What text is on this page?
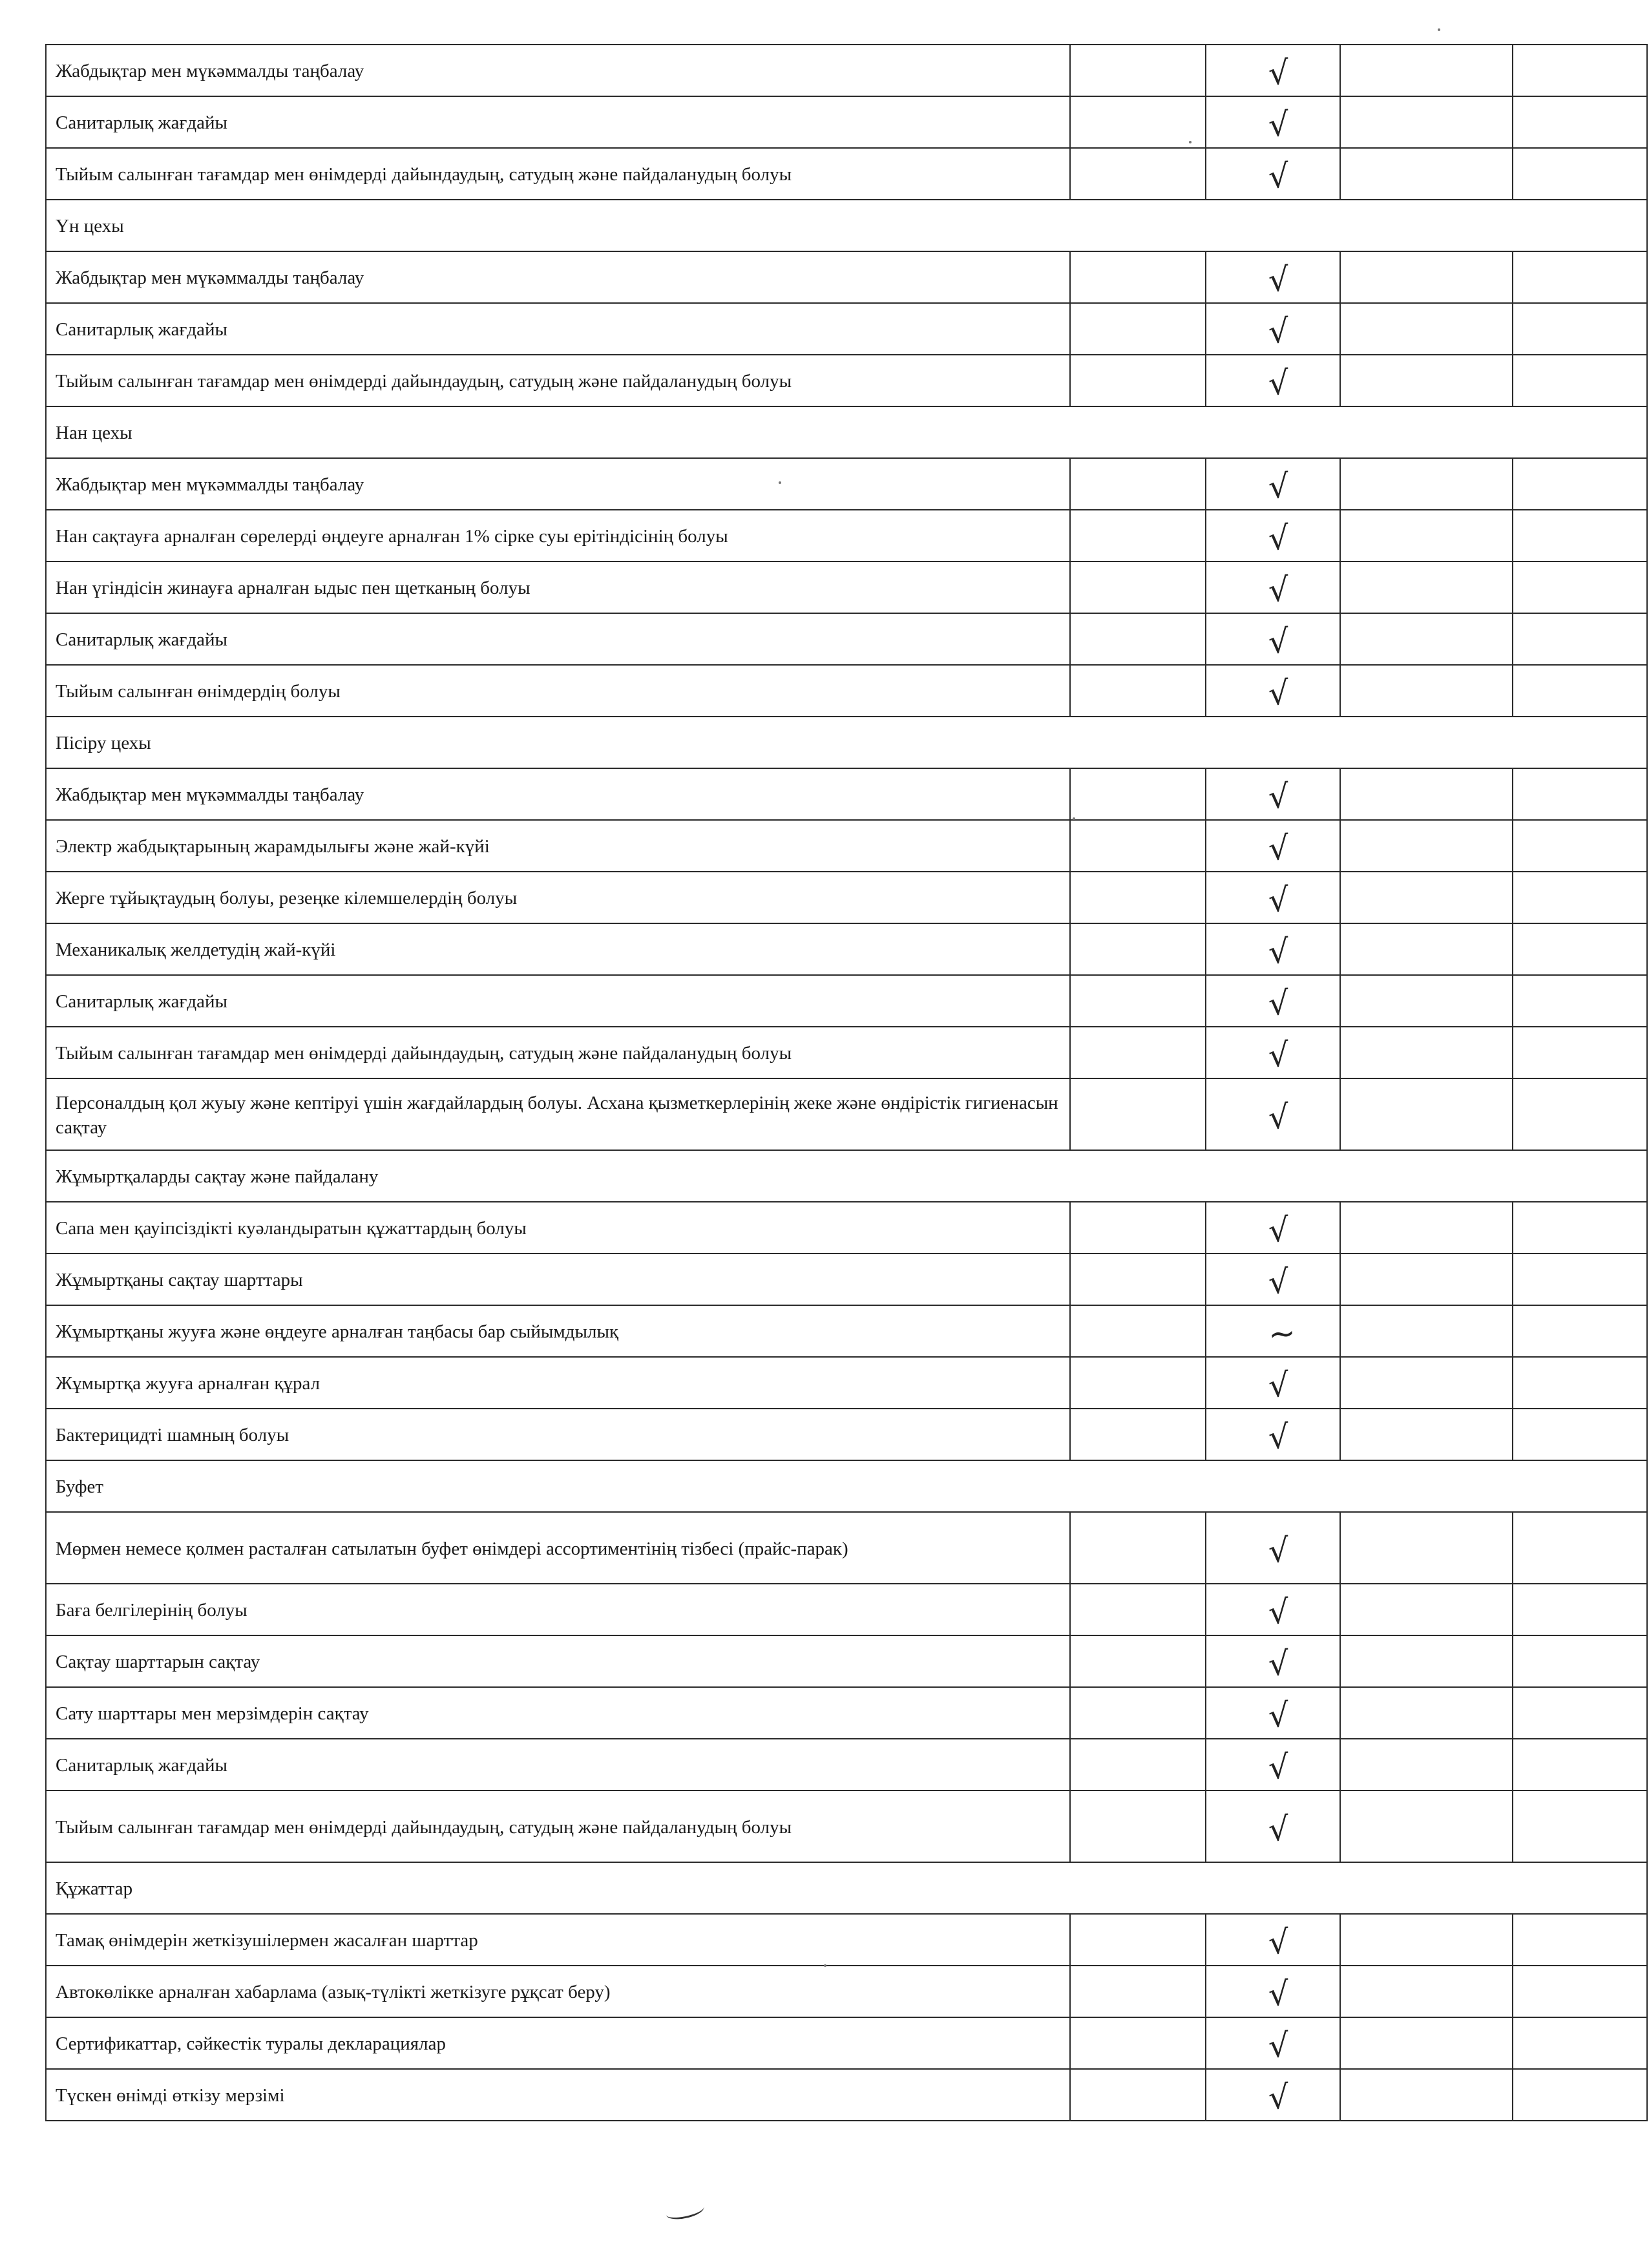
Жабдықтар мен мүкәммалды таңбалау		√		

Санитарлық жағдайы		√		

Тыйым салынған тағамдар мен өнімдерді дайындаудың, сатудың және пайдаланудың болуы		√		

Үн цехы				

Жабдықтар мен мүкәммалды таңбалау		√		

Санитарлық жағдайы		√		

Тыйым салынған тағамдар мен өнімдерді дайындаудың, сатудың және пайдаланудың болуы		√		

Нан цехы				

Жабдықтар мен мүкәммалды таңбалау		√		

Нан сақтауға арналған сөрелерді өңдеуге арналған 1% сірке суы ерітіндісінің болуы		√		

Нан үгіндісін жинауға арналған ыдыс пен щетканың болуы		√		

Санитарлық жағдайы		√		

Тыйым салынған өнімдердің болуы		√		

Пісіру цехы				

Жабдықтар мен мүкәммалды таңбалау		√		

Электр жабдықтарының жарамдылығы және жай-күйі		√		

Жерге тұйықтаудың болуы, резеңке кілемшелердің болуы		√		

Механикалық желдетудің жай-күйі		√		

Санитарлық жағдайы		√		

Тыйым салынған тағамдар мен өнімдерді дайындаудың, сатудың және пайдаланудың болуы		√		

Персоналдың қол жуыу және кептіруі үшін жағдайлардың болуы. Асхана қызметкерлерінің жеке және өндірістік гигиенасын сақтау		√		

Жұмыртқаларды сақтау және пайдалану				

Сапа мен қауіпсіздікті куәландыратын құжаттардың болуы		√		

Жұмыртқаны сақтау шарттары		√		

Жұмыртқаны жууға және өңдеуге арналған таңбасы бар сыйымдылық		~		

Жұмыртқа жууға арналған құрал		√		

Бактерицидті шамның болуы		√		

Буфет				

Мөрмен немесе қолмен расталған сатылатын буфет өнімдері ассортиментінің тізбесі (прайс-парак)		√		

Баға белгілерінің болуы		√		

Сақтау шарттарын сақтау		√		

Сату шарттары мен мерзімдерін сақтау		√		

Санитарлық жағдайы		√		

Тыйым салынған тағамдар мен өнімдерді дайындаудың, сатудың және пайдаланудың болуы		√		

Құжаттар				

Тамақ өнімдерін жеткізушілермен жасалған шарттар		√		

Автокөлікке арналған хабарлама (азық-түлікті жеткізуге рұқсат беру)		√		

Сертификаттар, сәйкестік туралы декларациялар		√		

Түскен өнімді өткізу мерзімі		√		
